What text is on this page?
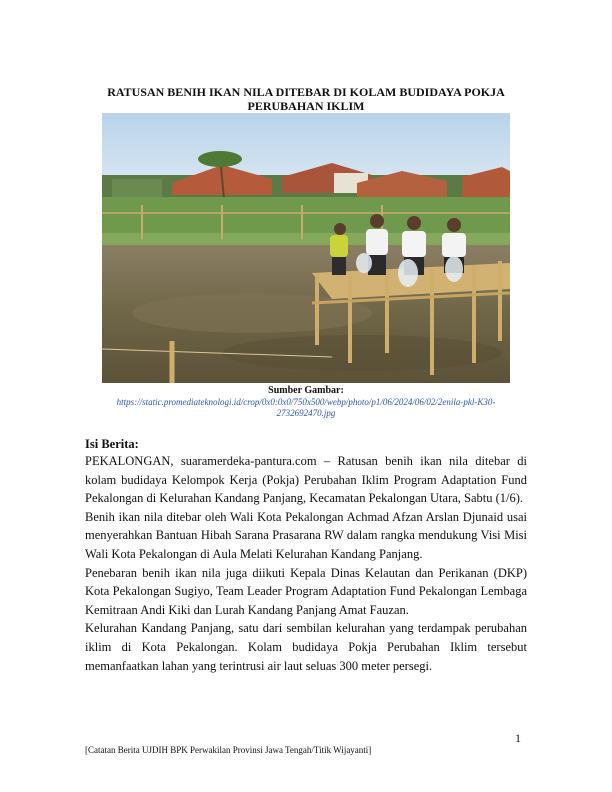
RATUSAN BENIH IKAN NILA DITEBAR DI KOLAM BUDIDAYA POKJA
PERUBAHAN IKLIM
Sumber Gambar:
https://static.promediateknologi.id/crop/0x0:0x0/750x500/webp/photo/p1/06/2024/06/02/2enila-pkl-K30-
2732692470.jpg
Isi Berita:

PEKALONGAN, suaramerdeka-pantura.com – Ratusan benih ikan nila ditebar di kolam budidaya Kelompok Kerja (Pokja) Perubahan Iklim Program Adaptation Fund Pekalongan di Kelurahan Kandang Panjang, Kecamatan Pekalongan Utara, Sabtu (1/6).

Benih ikan nila ditebar oleh Wali Kota Pekalongan Achmad Afzan Arslan Djunaid usai menyerahkan Bantuan Hibah Sarana Prasarana RW dalam rangka mendukung Visi Misi Wali Kota Pekalongan di Aula Melati Kelurahan Kandang Panjang.

Penebaran benih ikan nila juga diikuti Kepala Dinas Kelautan dan Perikanan (DKP) Kota Pekalongan Sugiyo, Team Leader Program Adaptation Fund Pekalongan Lembaga Kemitraan Andi Kiki dan Lurah Kandang Panjang Amat Fauzan.

Kelurahan Kandang Panjang, satu dari sembilan kelurahan yang terdampak perubahan iklim di Kota Pekalongan. Kolam budidaya Pokja Perubahan Iklim tersebut memanfaatkan lahan yang terintrusi air laut seluas 300 meter persegi.

1
[Catatan Berita UJDIH BPK Perwakilan Provinsi Jawa Tengah/Titik Wijayanti]
